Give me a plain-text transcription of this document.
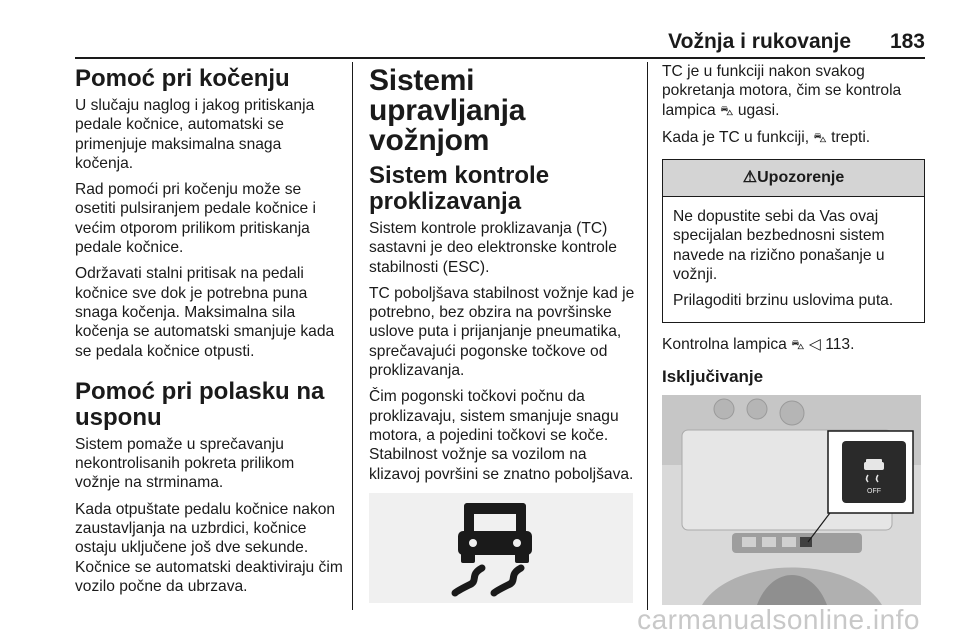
Vožnja i rukovanje 183
Pomoć pri kočenju

U slučaju naglog i jakog pritiskanja pedale kočnice, automatski se primenjuje maksimalna snaga kočenja.

Rad pomoći pri kočenju može se osetiti pulsiranjem pedale kočnice i većim otporom prilikom pritiskanja pedale kočnice.

Održavati stalni pritisak na pedali kočnice sve dok je potrebna puna snaga kočenja. Maksimalna sila kočenja se automatski smanjuje kada se pedala kočnice otpusti.

Pomoć pri polasku na usponu

Sistem pomaže u sprečavanju nekontrolisanih pokreta prilikom vožnje na strminama.

Kada otpuštate pedalu kočnice nakon zaustavljanja na uzbrdici, kočnice ostaju uključene još dve sekunde. Kočnice se automatski deaktiviraju čim vozilo počne da ubrzava.

Sistemi upravljanja vožnjom
Sistem kontrole proklizavanja

Sistem kontrole proklizavanja (TC) sastavni je deo elektronske kontrole stabilnosti (ESC).

TC poboljšava stabilnost vožnje kad je potrebno, bez obzira na površinske uslove puta i prijanjanje pneumatika, sprečavajući pogonske točkove od proklizavanja.

Čim pogonski točkovi počnu da proklizavaju, sistem smanjuje snagu motora, a pojedini točkovi se koče. Stabilnost vožnje sa vozilom na klizavoj površini se znatno poboljšava.

TC je u funkciji nakon svakog pokretanja motora, čim se kontrola lampica ⛍ ugasi.

Kada je TC u funkciji, ⛍ trepti.

⚠Upozorenje

Ne dopustite sebi da Vas ovaj specijalan bezbednosni sistem navede na rizično ponašanje u vožnji.

Prilagoditi brzinu uslovima puta.

Kontrolna lampica ⛍ ◁ 113.

Isključivanje
OFF
carmanualsonline.info
